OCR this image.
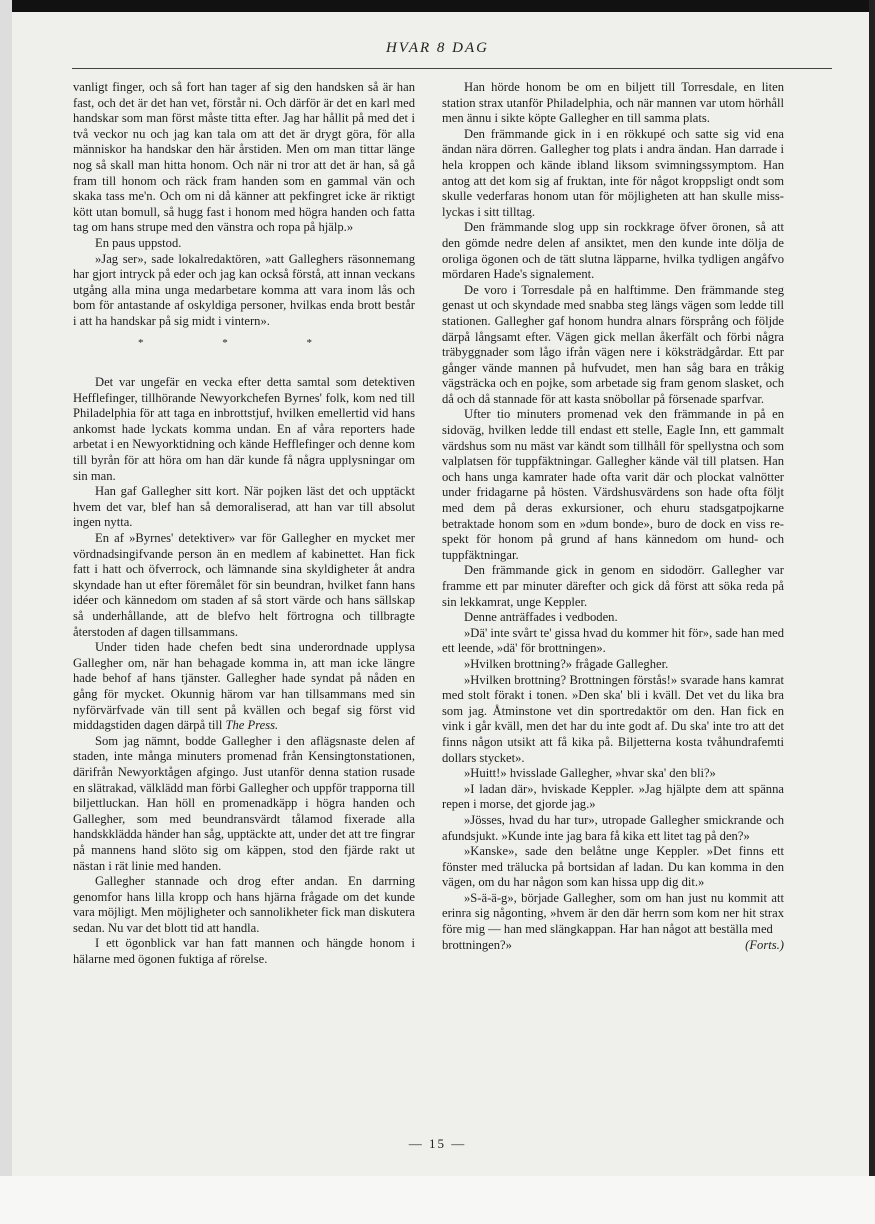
HVAR 8 DAG

vanligt finger, och så fort han tager af sig den handsken så är han fast, och det är det han vet, förstår ni. Och därför är det en karl med handskar som man först måste titta efter. Jag har hållit på med det i två veckor nu och jag kan tala om att det är drygt göra, för alla människor ha handskar den här årstiden. Men om man tittar länge nog så skall man hitta honom. Och när ni tror att det är han, så gå fram till honom och räck fram handen som en gammal vän och skaka tass me'n. Och om ni då känner att pekfingret icke är riktigt kött utan bomull, så hugg fast i honom med högra handen och fatta tag om hans strupe med den vänstra och ropa på hjälp.»

En paus uppstod.

»Jag ser», sade lokalredaktören, »att Galleghers räsonnemang har gjort intryck på eder och jag kan också förstå, att innan veckans utgång alla mina unga medarbetare komma att vara inom lås och bom för antastande af oskyldiga personer, hvilkas enda brott består i att ha handskar på sig midt i vintern».

* * *

Det var ungefär en vecka efter detta samtal som detektiven Hefflefinger, tillhörande Newyorkchefen Byrnes' folk, kom ned till Philadelphia för att taga en inbrottstjuf, hvilken emellertid vid hans ankomst hade lyckats komma undan. En af våra reporters hade arbetat i en Newyorktidning och kände Hefflefinger och denne kom till byrån för att höra om han där kunde få några upplysningar om sin man.

Han gaf Gallegher sitt kort. När pojken läst det och upptäckt hvem det var, blef han så demoraliserad, att han var till absolut ingen nytta.

En af »Byrnes' detektiver» var för Gallegher en mycket mer vördnadsingifvande person än en medlem af kabinettet. Han fick fatt i hatt och öfverrock, och lämnande sina skyldigheter åt andra skyndade han ut efter föremålet för sin beundran, hvilket fann hans idéer och kännedom om staden af så stort värde och hans sällskap så underhållande, att de blefvo helt förtrogna och tillbragte återstoden af dagen tillsammans.

Under tiden hade chefen bedt sina underordnade upplysa Gallegher om, när han behagade komma in, att man icke längre hade behof af hans tjänster. Gallegher hade syndat på nåden en gång för mycket. Okunnig härom var han tillsammans med sin nyförvärfvade vän till sent på kvällen och begaf sig först vid middagstiden dagen därpå till The Press.

Som jag nämnt, bodde Gallegher i den aflägsnaste delen af staden, inte många minuters promenad från Kensingtonstationen, därifrån Newyorktågen afgingo. Just utanför denna station rusade en slätrakad, välklädd man förbi Gallegher och uppför trapporna till biljettluckan. Han höll en promenadkäpp i högra handen och Gallegher, som med beundransvärdt tålamod fixerade alla handskklädda händer han såg, upptäckte att, under det att tre fingrar på mannens hand slöto sig om käppen, stod den fjärde rakt ut nästan i rät linie med handen.

Gallegher stannade och drog efter andan. En darrning genomfor hans lilla kropp och hans hjärna frågade om det kunde vara möjligt. Men möjligheter och sannolikheter fick man diskutera sedan. Nu var det blott tid att handla.

I ett ögonblick var han fatt mannen och hängde honom i hälarne med ögonen fuktiga af rörelse.

Han hörde honom be om en biljett till Torresdale, en liten station strax utanför Philadelphia, och när mannen var utom hörhåll men ännu i sikte köpte Gallegher en till samma plats.

Den främmande gick in i en rökkupé och satte sig vid ena ändan nära dörren. Gallegher tog plats i andra ändan. Han darrade i hela kroppen och kände ibland liksom svimningssymptom. Han antog att det kom sig af fruktan, inte för något kroppsligt ondt som skulle vederfaras honom utan för möjligheten att han skulle misslyckas i sitt tilltag.

Den främmande slog upp sin rockkrage öfver öronen, så att den gömde nedre delen af ansiktet, men den kunde inte dölja de oroliga ögonen och de tätt slutna läpparne, hvilka tydligen angåfvo mördaren Hade's signalement.

De voro i Torresdale på en halftimme. Den främmande steg genast ut och skyndade med snabba steg längs vägen som ledde till stationen. Gallegher gaf honom hundra alnars försprång och följde därpå långsamt efter. Vägen gick mellan åkerfält och förbi några träbyggnader som lågo ifrån vägen nere i köksträdgårdar. Ett par gånger vände mannen på hufvudet, men han såg bara en tråkig vägsträcka och en pojke, som arbetade sig fram genom slasket, och då och då stannade för att kasta snöbollar på försenade sparfvar.

Ufter tio minuters promenad vek den främmande in på en sidoväg, hvilken ledde till endast ett stelle, Eagle Inn, ett gammalt värdshus som nu mäst var kändt som tillhåll för spellystna och som valplatsen för tuppfäktningar. Gallegher kände väl till platsen. Han och hans unga kamrater hade ofta varit där och plockat valnötter under fridagarne på hösten. Värdshusvärdens son hade ofta följt med dem på deras exkursioner, och ehuru stadsgatpojkarne betraktade honom som en »dum bonde», buro de dock en viss respekt för honom på grund af hans kännedom om hund- och tuppfäktningar.

Den främmande gick in genom en sidodörr. Gallegher var framme ett par minuter därefter och gick då först att söka reda på sin lekkamrat, unge Keppler.

Denne anträffades i vedboden.

»Dä' inte svårt te' gissa hvad du kommer hit för», sade han med ett leende, »dä' för brottningen».

»Hvilken brottning?» frågade Gallegher.

»Hvilken brottning? Brottningen förstås!» svarade hans kamrat med stolt förakt i tonen. »Den ska' bli i kväll. Det vet du lika bra som jag. Åtminstone vet din sportredaktör om den. Han fick en vink i går kväll, men det har du inte godt af. Du ska' inte tro att det finns någon utsikt att få kika på. Biljetterna kosta tvåhundrafemti dollars stycket».

»Huitt!» hvisslade Gallegher, »hvar ska' den bli?»

»I ladan där», hviskade Keppler. »Jag hjälpte dem att spänna repen i morse, det gjorde jag.»

»Jösses, hvad du har tur», utropade Gallegher smickrande och afundsjukt. »Kunde inte jag bara få kika ett litet tag på den?»

»Kanske», sade den belåtne unge Keppler. »Det finns ett fönster med trälucka på bortsidan af ladan. Du kan komma in den vägen, om du har någon som kan hissa upp dig dit.»

»S-ä-ä-g», började Gallegher, som om han just nu kommit att erinra sig någonting, »hvem är den där herrn som kom ner hit strax före mig — han med slängkappan. Har han något att beställa med

brottningen?»	(Forts.)
— 15 —
